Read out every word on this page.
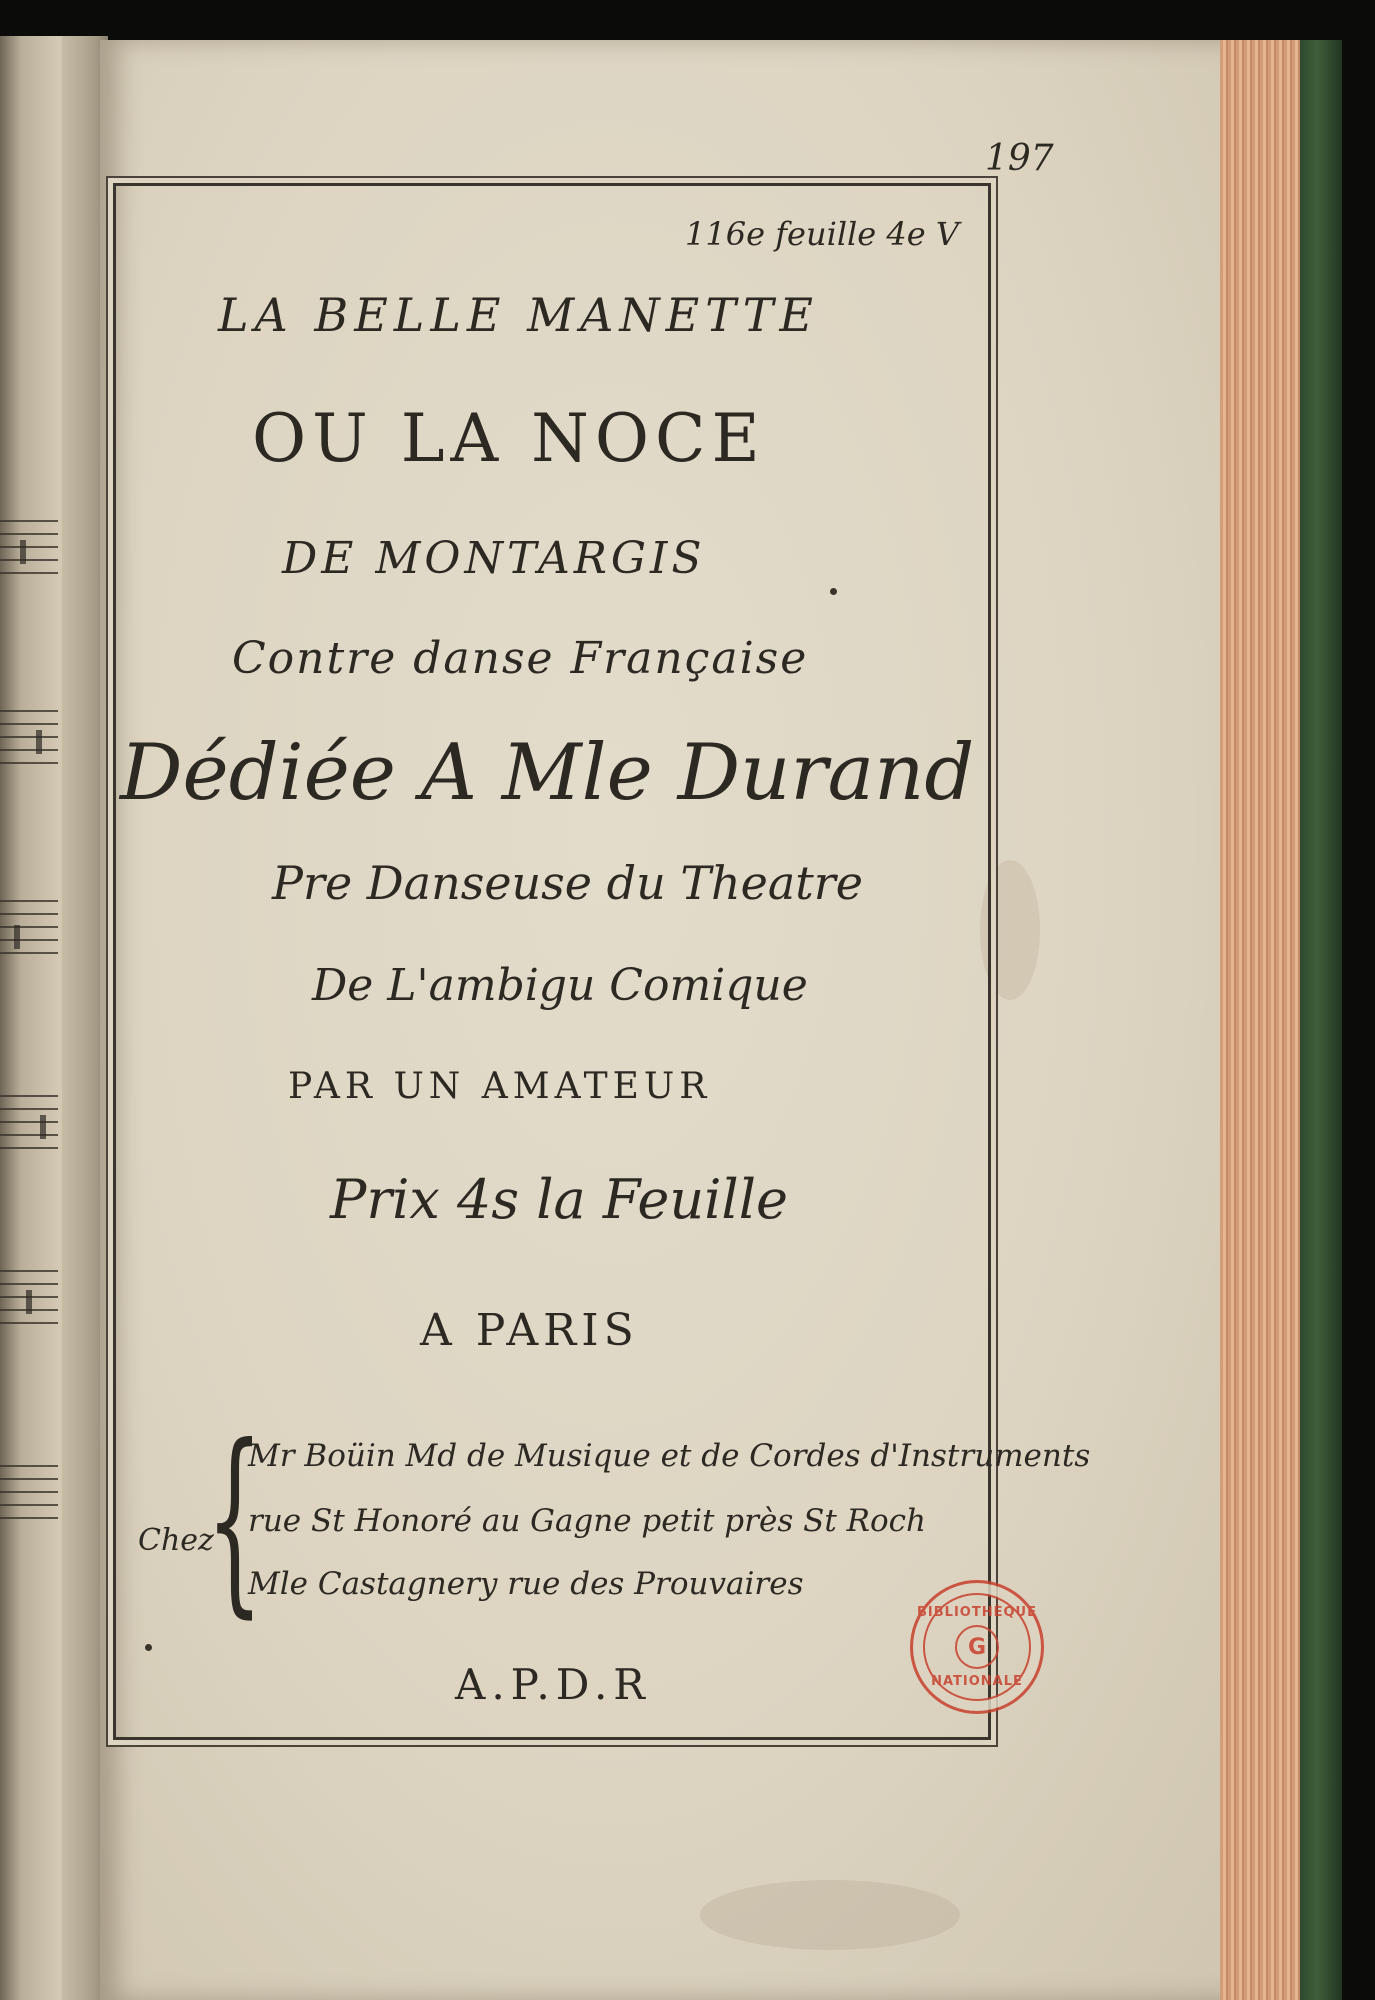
197
116e feuille 4e V
LA BELLE MANETTE
OU LA NOCE
DE MONTARGIS
Contre danse Française
Dédiée A Mle Durand
Pre Danseuse du Theatre
De L'ambigu Comique
PAR UN AMATEUR
Prix 4s la Feuille
A PARIS
Chez
{
Mr Boüin Md de Musique et de Cordes d'Instruments
rue St Honoré au Gagne petit près St Roch
Mle Castagnery rue des Prouvaires
A.P.D.R
BIBLIOTHÈQUE
G
NATIONALE
